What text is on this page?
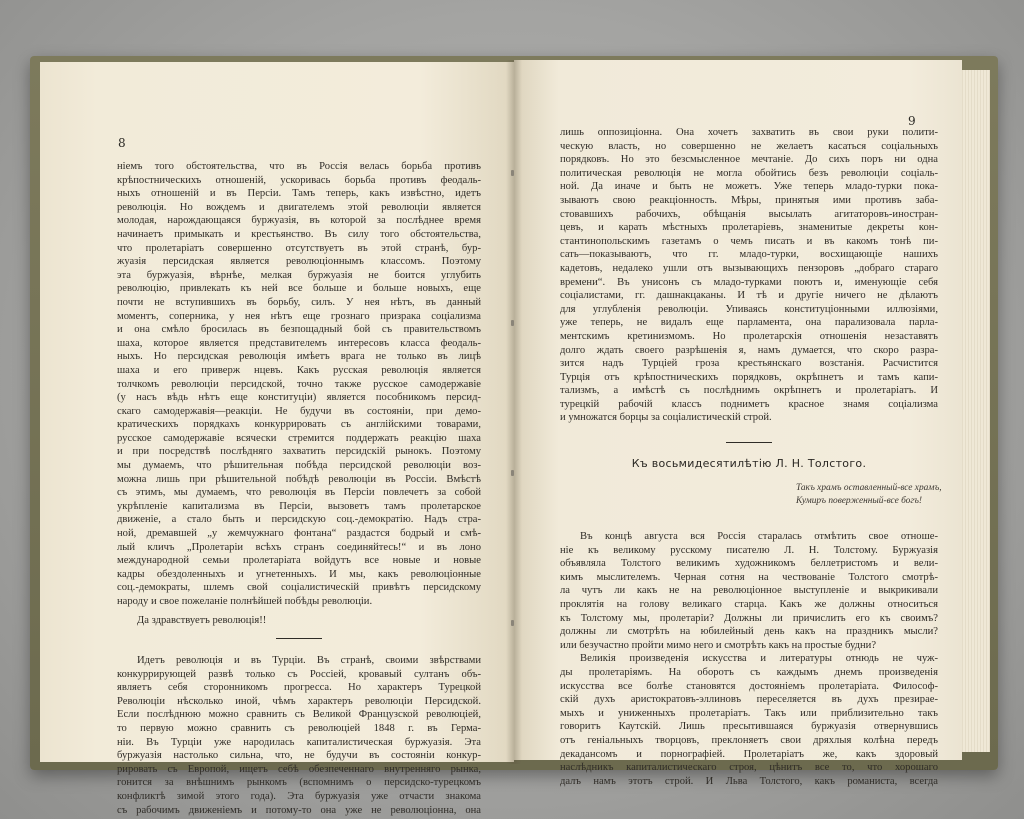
8
ніемъ того обстоятельства, что въ Россія велась борьба противъ
крѣпостническихъ отношеній, ускоривась борьба противъ феодаль-
ныхъ отношеній и въ Персіи. Тамъ теперь, какъ извѣстно, идетъ
революція. Но вождемъ и двигателемъ этой революціи является
молодая, нарождающаяся буржуазія, въ которой за послѣднее время
начинаетъ примыкать и крестьянство. Въ силу того обстоятельства,
что пролетаріатъ совершенно отсутствуетъ въ этой странѣ, бур-
жуазія персидская является революціоннымъ классомъ. Поэтому
эта буржуазія, вѣрнѣе, мелкая буржуазія не боится углубить
революцію, привлекать къ ней все больше и больше новыхъ, еще
почти не вступившихъ въ борьбу, силъ. У нея нѣтъ, въ данный
моментъ, соперника, у нея нѣтъ еще грознаго призрака соціализма
и она смѣло бросилась въ безпощадный бой съ правительствомъ
шаха, которое является представителемъ интересовъ класса феодаль-
ныхъ. Но персидская революція имѣетъ врага не только въ лицѣ
шаха и его приверж нцевъ. Какъ русская революція является
толчкомъ революціи персидской, точно также русское самодержавіе
(у насъ вѣдь нѣтъ еще конституціи) является пособникомъ персид-
скаго самодержавія—реакціи. Не будучи въ состояніи, при демо-
кратическихъ порядкахъ конкуррировать съ англійскими товарами,
русское самодержавіе всячески стремится поддержать реакцію шаха
и при посредствѣ послѣдняго захватить персидскій рынокъ. Поэтому
мы думаемъ, что рѣшительная побѣда персидской революціи воз-
можна лишь при рѣшительной побѣдѣ революціи въ Россіи. Вмѣстѣ
съ этимъ, мы думаемъ, что революція въ Персіи повлечетъ за собой
укрѣпленіе капитализма въ Персіи, вызоветъ тамъ пролетарское
движеніе, а стало быть и персидскую соц.-демократію. Надъ стра-
ной, дремавшей „у жемчужнаго фонтана“ раздастся бодрый и смѣ-
лый кличъ „Пролетаріи всѣхъ странъ соединяйтесь!“ и въ лоно
международной семьи пролетаріата войдутъ все новые и новые
кадры обездоленныхъ и угнетенныхъ. И мы, какъ революціонные
соц.-демократы, шлемъ свой соціалистическій привѣтъ персидскому
народу и свое пожеланіе полнѣйшей побѣды революціи.
Да здравствуетъ революція!!
Идетъ революція и въ Турціи. Въ странѣ, своими звѣрствами
конкуррирующей развѣ только съ Россіей, кровавый султанъ объ-
являетъ себя сторонникомъ прогресса. Но характеръ Турецкой
Революціи нѣсколько иной, чѣмъ характеръ революціи Персидской.
Если послѣднюю можно сравнить съ Великой Французской революціей,
то первую можно сравнить съ революціей 1848 г. въ Герма-
ніи. Въ Турціи уже народилась капиталистическая буржуазія. Эта
буржуазія настолько сильна, что, не будучи въ состояніи конкур-
рировать съ Европой, ищетъ себѣ обезпеченнаго внутренняго рынка,
гонится за внѣшнимъ рынкомъ (вспомнимъ о персидско-турецкомъ
конфликтѣ зимой этого года). Эта буржуазія уже отчасти знакома
съ рабочимъ движеніемъ и потому-то она уже не революціонна, она
9
лишь оппозиціонна. Она хочетъ захватить въ свои руки полити-
ческую власть, но совершенно не желаетъ касаться соціальныхъ
порядковъ. Но это безсмысленное мечтаніе. До сихъ поръ ни одна
политическая революція не могла обойтись безъ революціи соціаль-
ной. Да иначе и быть не можетъ. Уже теперь младо-турки пока-
зываютъ свою реакціонность. Мѣры, принятыя ими противъ заба-
стовавшихъ рабочихъ, обѣщанія высылать агитаторовъ-иностран-
цевъ, и карать мѣстныхъ пролетаріевъ, знаменитые декреты кон-
стантинопольскимъ газетамъ о чемъ писать и въ какомъ тонѣ пи-
сать—показываютъ, что гг. младо-турки, восхищающіе нашихъ
кадетовъ, недалеко ушли отъ вызывающихъ пензоровъ „добраго стараго
времени“. Въ унисонъ съ младо-турками поютъ и, именующіе себя
соціалистами, гг. дашнакцаканы. И тѣ и другіе ничего не дѣлаютъ
для углубленія революціи. Упиваясь конституціонными иллюзіями,
уже теперь, не видалъ еще парламента, она парализовала парла-
ментскимъ кретинизмомъ. Но пролетарскія отношенія незаставятъ
долго ждать своего разрѣшенія я, намъ думается, что скоро разра-
зится надъ Турціей гроза крестьянскаго возстанія. Расчистится
Турція отъ крѣпостническихъ порядковъ, окрѣпнетъ и тамъ капи-
тализмъ, а имѣстѣ съ послѣднимъ окрѣпнетъ и пролетаріатъ. И
турецкій рабочій классъ подниметъ красное знамя соціализма
и умножатся борцы за соціалистическій строй.
Къ восьмидесятилѣтію Л. Н. Толстого.
Такъ храмъ оставленный-все храмъ,
Кумиръ поверженный-все богъ!
Въ концѣ августа вся Россія старалась отмѣтить свое отноше-
ніе къ великому русскому писателю Л. Н. Толстому. Буржуазія
объявляла Толстого великимъ художникомъ беллетристомъ и вели-
кимъ мыслителемъ. Черная сотня на чествованіе Толстого смотрѣ-
ла чутъ ли какъ не на революціонное выступленіе и выкрикивали
проклятія на голову великаго старца. Какъ же должны относиться
къ Толстому мы, пролетаріи? Должны ли причислить его къ своимъ?
должны ли смотрѣть на юбилейный день какъ на праздникъ мысли?
или безучастно пройти мимо него и смотрѣть какъ на простые будни?
Великія произведенія искусства и литературы отнюдь не чуж-
ды пролетаріямъ. На оборотъ съ каждымъ днемъ произведенія
искусства все болѣе становятся достояніемъ пролетаріата. Философ-
скій духъ аристократовъ-эллиновъ переселяется въ духъ презирае-
мыхъ и униженныхъ пролетаріатъ. Такъ или приблизительно такъ
говоритъ Каутскій. Лишь пресытившаяся буржуазія отвернувшись
отъ геніальныхъ творцовъ, преклоняетъ свои дряхлыя колѣна передъ
декадансомъ и порнографіей. Пролетаріатъ же, какъ здоровый
наслѣдникъ капиталистическаго строя, цѣнитъ все то, что хорошаго
далъ намъ этотъ строй. И Льва Толстого, какъ романиста, всегда
